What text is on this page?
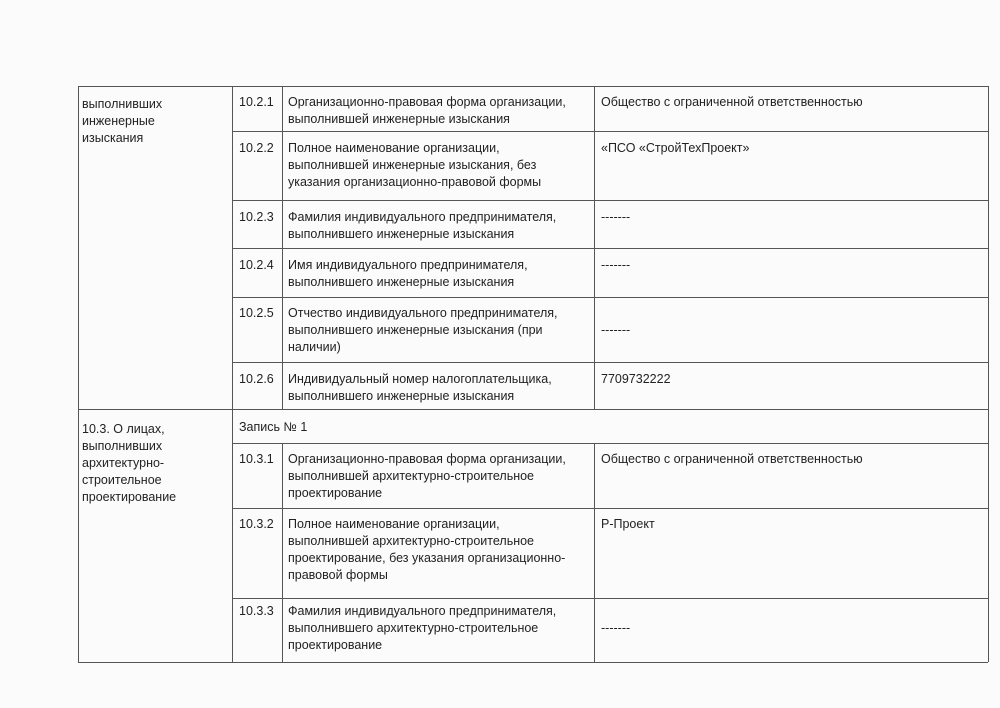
выполнивших
инженерные
изыскания
10.2.1 Организационно-правовая форма организации,
выполнившей инженерные изыскания
Общество с ограниченной ответственностью
10.2.2 Полное наименование организации,
выполнившей инженерные изыскания, без
указания организационно-правовой формы
«ПСО «СтройТехПроект»
10.2.3 Фамилия индивидуального предпринимателя,
выполнившего инженерные изыскания
-------
10.2.4 Имя индивидуального предпринимателя,
выполнившего инженерные изыскания
-------
10.2.5 Отчество индивидуального предпринимателя,
выполнившего инженерные изыскания (при
наличии)
-------
10.2.6 Индивидуальный номер налогоплательщика,
выполнившего инженерные изыскания
7709732222
10.3. О лицах,
выполнивших
архитектурно-
строительное
проектирование
Запись № 1
10.3.1 Организационно-правовая форма организации,
выполнившей архитектурно-строительное
проектирование
Общество с ограниченной ответственностью
10.3.2 Полное наименование организации,
выполнившей архитектурно-строительное
проектирование, без указания организационно-
правовой формы
Р-Проект
10.3.3 Фамилия индивидуального предпринимателя,
выполнившего архитектурно-строительное
проектирование
-------
